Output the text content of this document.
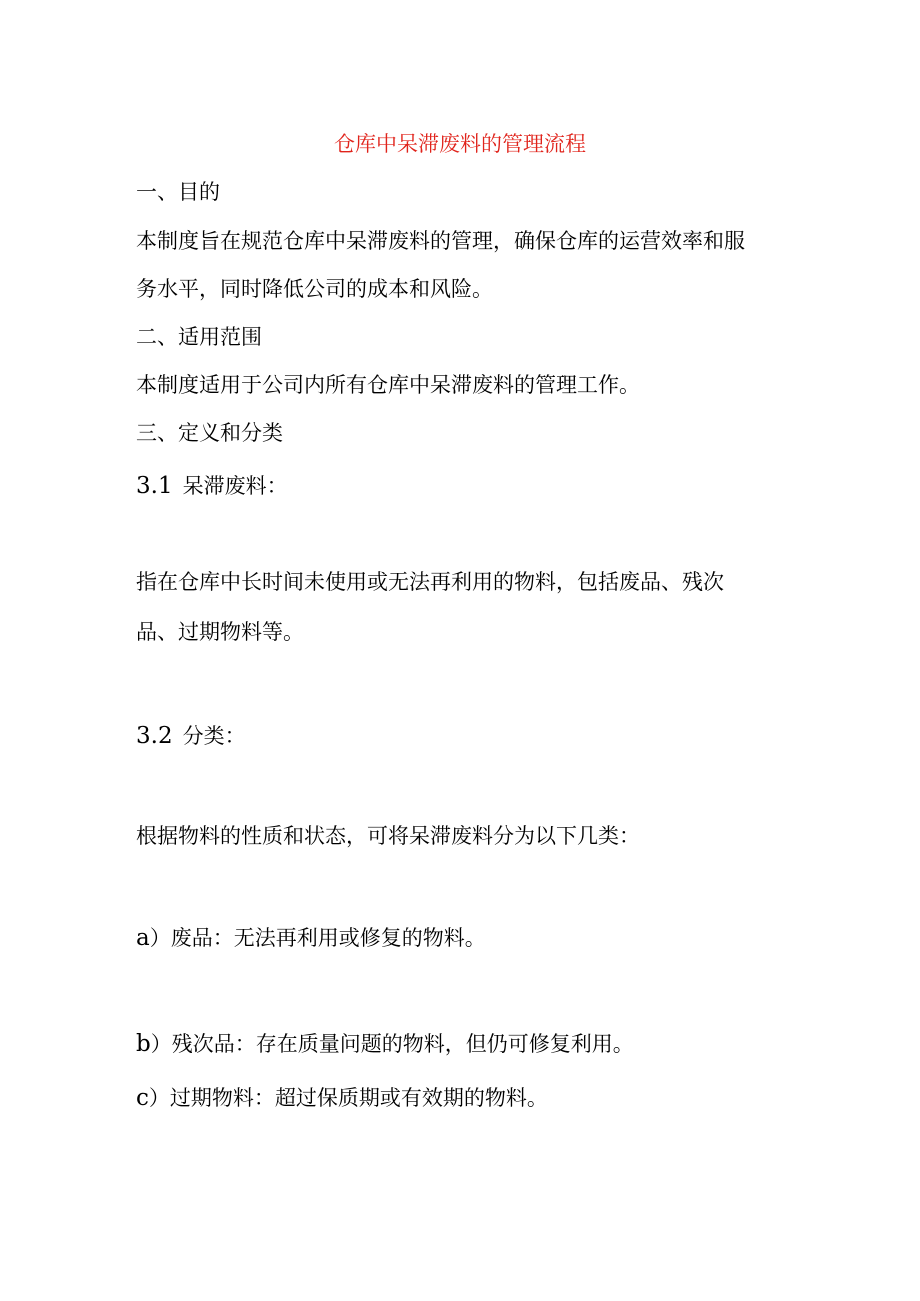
仓库中呆滞废料的管理流程
一、目的
本制度旨在规范仓库中呆滞废料的管理，确保仓库的运营效率和服
务水平，同时降低公司的成本和风险。
二、适用范围
本制度适用于公司内所有仓库中呆滞废料的管理工作。
三、定义和分类
3.1 呆滞废料：
指在仓库中长时间未使用或无法再利用的物料，包括废品、残次
品、过期物料等。
3.2 分类：
根据物料的性质和状态，可将呆滞废料分为以下几类：
a）废品：无法再利用或修复的物料。
b）残次品：存在质量问题的物料，但仍可修复利用。
c）过期物料：超过保质期或有效期的物料。
